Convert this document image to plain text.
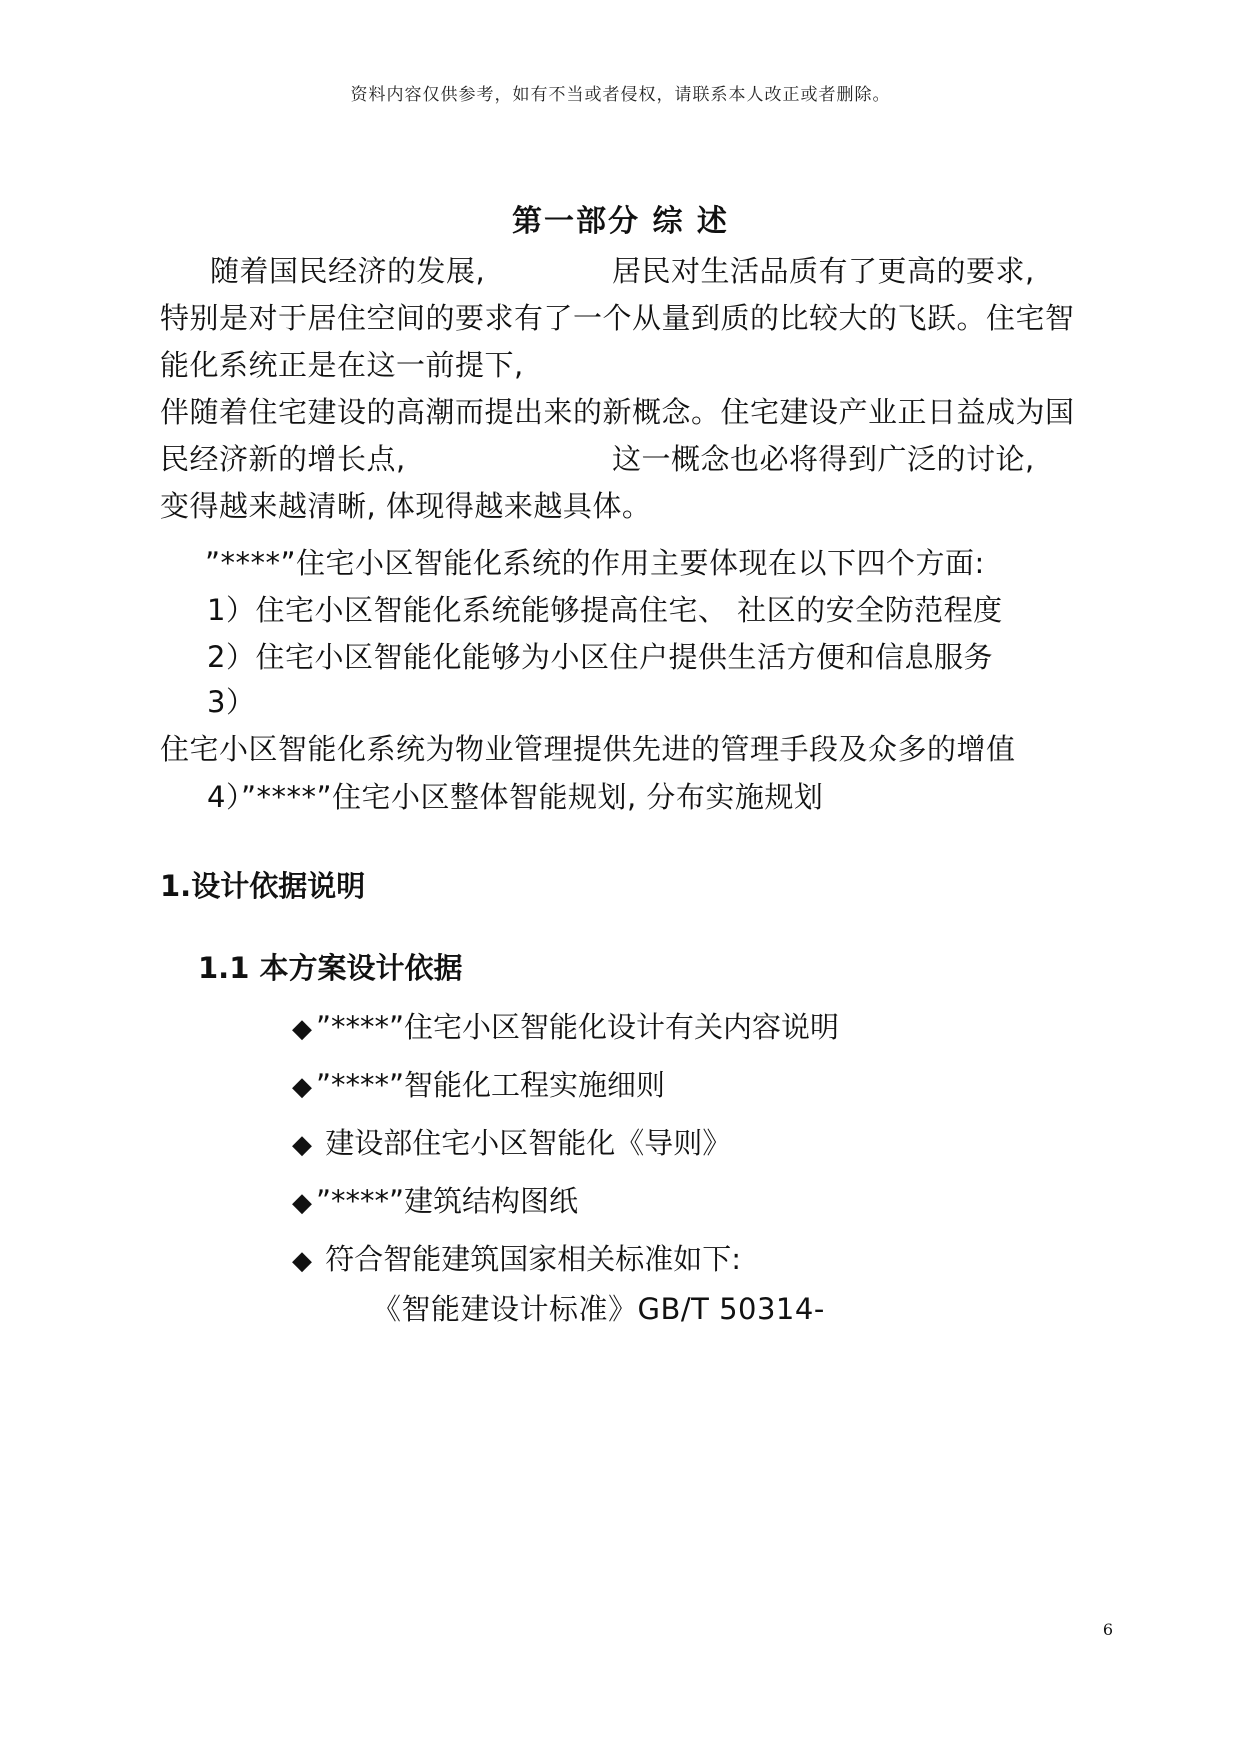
资料内容仅供参考，如有不当或者侵权，请联系本人改正或者删除。
第一部分 综 述
随着国民经济的发展,	居民对生活品质有了更高的要求,
特别是对于居住空间的要求有了一个从量到质的比较大的飞跃。住宅智
能化系统正是在这一前提下,
伴随着住宅建设的高潮而提出来的新概念。住宅建设产业正日益成为国
民经济新的增长点,	这一概念也必将得到广泛的讨论,
变得越来越清晰, 体现得越来越具体。
”****”住宅小区智能化系统的作用主要体现在以下四个方面:
1）住宅小区智能化系统能够提高住宅、 社区的安全防范程度
2）住宅小区智能化能够为小区住户提供生活方便和信息服务
3）
住宅小区智能化系统为物业管理提供先进的管理手段及众多的增值
4）”****”住宅小区整体智能规划, 分布实施规划
1.设计依据说明
1.1 本方案设计依据
◆ ”****”住宅小区智能化设计有关内容说明
◆ ”****”智能化工程实施细则
◆ 建设部住宅小区智能化《导则》
◆ ”****”建筑结构图纸
◆ 符合智能建筑国家相关标准如下:
《智能建设计标准》GB/T 50314-
6
